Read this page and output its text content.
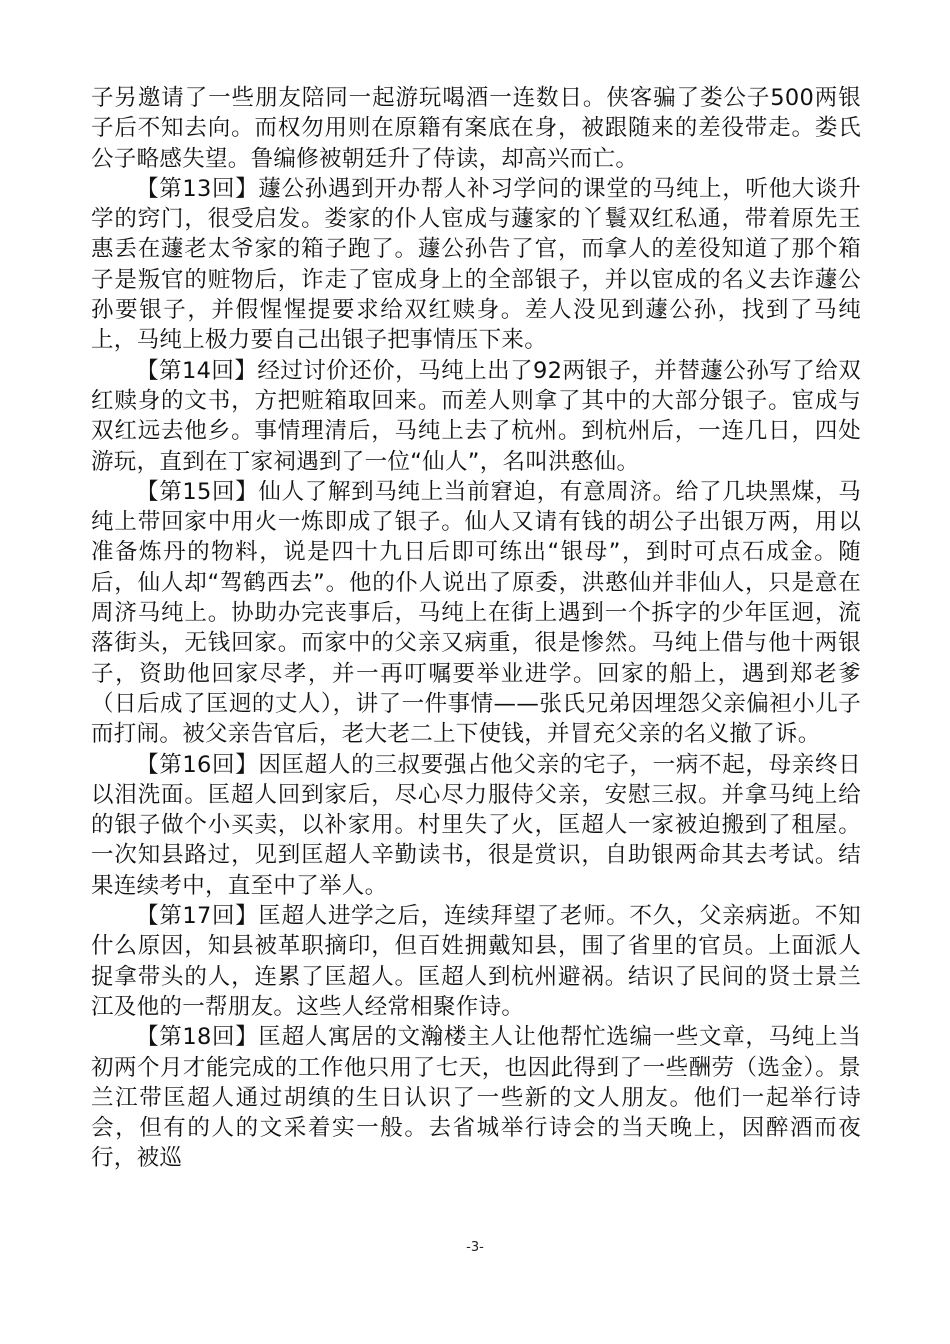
子另邀请了一些朋友陪同一起游玩喝酒一连数日。侠客骗了娄公子500两银子后不知去向。而权勿用则在原籍有案底在身，被跟随来的差役带走。娄氏公子略感失望。鲁编修被朝廷升了侍读，却高兴而亡。

【第13回】蘧公孙遇到开办帮人补习学问的课堂的马纯上，听他大谈升学的窍门，很受启发。娄家的仆人宦成与蘧家的丫鬟双红私通，带着原先王惠丢在蘧老太爷家的箱子跑了。蘧公孙告了官，而拿人的差役知道了那个箱子是叛官的赃物后，诈走了宦成身上的全部银子，并以宦成的名义去诈蘧公孙要银子，并假惺惺提要求给双红赎身。差人没见到蘧公孙，找到了马纯上，马纯上极力要自己出银子把事情压下来。

【第14回】经过讨价还价，马纯上出了92两银子，并替蘧公孙写了给双红赎身的文书，方把赃箱取回来。而差人则拿了其中的大部分银子。宦成与双红远去他乡。事情理清后，马纯上去了杭州。到杭州后，一连几日，四处游玩，直到在丁家祠遇到了一位“仙人”，名叫洪憨仙。

【第15回】仙人了解到马纯上当前窘迫，有意周济。给了几块黑煤，马纯上带回家中用火一炼即成了银子。仙人又请有钱的胡公子出银万两，用以准备炼丹的物料，说是四十九日后即可练出“银母”，到时可点石成金。随后，仙人却“驾鹤西去”。他的仆人说出了原委，洪憨仙并非仙人，只是意在周济马纯上。协助办完丧事后，马纯上在街上遇到一个拆字的少年匡迥，流落街头，无钱回家。而家中的父亲又病重，很是惨然。马纯上借与他十两银子，资助他回家尽孝，并一再叮嘱要举业进学。回家的船上，遇到郑老爹（日后成了匡迥的丈人），讲了一件事情——张氏兄弟因埋怨父亲偏袒小儿子而打闹。被父亲告官后，老大老二上下使钱，并冒充父亲的名义撤了诉。

【第16回】因匡超人的三叔要强占他父亲的宅子，一病不起，母亲终日以泪洗面。匡超人回到家后，尽心尽力服侍父亲，安慰三叔。并拿马纯上给的银子做个小买卖，以补家用。村里失了火，匡超人一家被迫搬到了租屋。一次知县路过，见到匡超人辛勤读书，很是赏识，自助银两命其去考试。结果连续考中，直至中了举人。

【第17回】匡超人进学之后，连续拜望了老师。不久，父亲病逝。不知什么原因，知县被革职摘印，但百姓拥戴知县，围了省里的官员。上面派人捉拿带头的人，连累了匡超人。匡超人到杭州避祸。结识了民间的贤士景兰江及他的一帮朋友。这些人经常相聚作诗。

【第18回】匡超人寓居的文瀚楼主人让他帮忙选编一些文章，马纯上当初两个月才能完成的工作他只用了七天，也因此得到了一些酬劳（选金）。景兰江带匡超人通过胡缜的生日认识了一些新的文人朋友。他们一起举行诗会，但有的人的文采着实一般。去省城举行诗会的当天晚上，因醉酒而夜行，被巡

-3-
